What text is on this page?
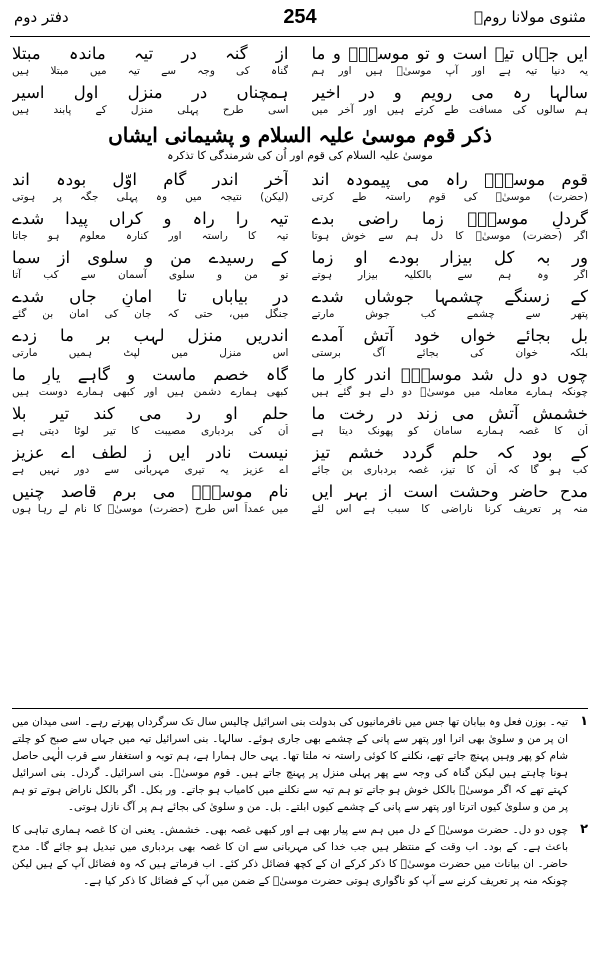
مثنوی مولانا رومؒ
254
دفتر دوم
ایں جہاں تیہ است و تو موسیٰؑ و ما
از گنہ در تیہ ماندہ مبتلا
یہ دنیا تیہ ہے اور آپ موسیٰؑ ہیں اور ہم
گناہ کی وجہ سے تیہ میں مبتلا ہیں
سالہا رہ می رویم و در اخیر
ہمچناں در منزل اول اسیر
ہم سالوں کی مسافت طے کرتے ہیں اور آخر میں
اسی طرح پہلی منزل کے پابند ہیں
ذکر قوم موسیٰ علیہ السلام و پشیمانی ایشاں
موسیٰ علیہ السلام کی قوم اور اُن کی شرمندگی کا تذکرہ
قوم موسیٰؑ راہ می پیمودہ اند
آخر اندر گام اوّل بودہ اند
(حضرت) موسیٰؑ کی قوم راستہ طے کرتی
(لیکن) نتیجہ میں وہ پہلی جگہ پر ہوتی
گردلِ موسیٰؑ زما راضی بدے
تیہ را راہ و کراں پیدا شدے
اگر (حضرت) موسیٰؑ کا دل ہم سے خوش ہوتا
تیہ کا راستہ اور کنارہ معلوم ہو جاتا
ور بہ کل بیزار بودے او زما
کے رسیدے من و سلوی از سما
اگر وہ ہم سے بالکلیہ بیزار ہوتے
تو من و سلوی آسمان سے کب آتا
کے زسنگے چشمہا جوشاں شدے
در بیاباں تا امانِ جاں شدے
پتھر سے چشمے کب جوش مارتے
جنگل میں، حتی کہ جان کی امان بن گئے
بل بجائے خواں خود آتش آمدے
اندریں منزل لہب بر ما زدے
بلکہ خوان کی بجائے آگ برستی
اس منزل میں لپٹ ہمیں مارتی
چوں دو دل شد موسیٰؑ اندر کارِ ما
گاہ خصم ماست و گاہے یارِ ما
چونکہ ہمارے معاملہ میں موسیٰؑ دو دلے ہو گئے ہیں
کبھی ہمارے دشمن ہیں اور کبھی ہمارے دوست ہیں
خشمش آتش می زند در رخت ما
حلم او رد می کند تیر بلا
اُن کا غصہ ہمارے سامان کو پھونک دیتا ہے
اُن کی بردباری مصیبت کا تیر لوٹا دیتی ہے
کے بود کہ حلم گردد خشم تیز
نیست نادر ایں ز لطف اے عزیز
کب ہو گا کہ اُن کا تیز، غصہ بردباری بن جائے
اے عزیز یہ تیری مہربانی سے دور نہیں ہے
مدح حاضر وحشت است از بہر ایں
نام موسیٰؑ می برم قاصد چنیں
منہ پر تعریف کرنا ناراضی کا سبب ہے اس لئے
میں عمداً اس طرح (حضرت) موسیٰؑ کا نام لے رہا ہوں
۱
تیہ۔ بوزن فعل وہ بیابان تھا جس میں نافرمانیوں کی بدولت بنی اسرائیل چالیس سال تک سرگرداں پھرتے رہے۔ اسی میدان میں ان پر من و سلویٰ بھی اترا اور پتھر سے پانی کے چشمے بھی جاری ہوئے۔ سالہا۔ بنی اسرائیل تیہ میں جہاں سے صبح کو چلتے شام کو پھر وہیں پہنچ جاتے تھے، نکلنے کا کوئی راستہ نہ ملتا تھا۔ یہی حال ہمارا ہے، ہم توبہ و استغفار سے قرب الٰہی حاصل ہونا چاہتے ہیں لیکن گناہ کی وجہ سے پھر پہلی منزل پر پہنچ جاتے ہیں۔ قوم موسیٰؑ۔ بنی اسرائیل۔ گردل۔ بنی اسرائیل کہتے تھے کہ اگر موسیٰؑ بالکل خوش ہو جاتے تو ہم تیہ سے نکلنے میں کامیاب ہو جاتے۔ ور بکل۔ اگر بالکل ناراض ہوتے تو ہم پر من و سلویٰ کیوں اترتا اور پتھر سے پانی کے چشمے کیوں ابلتے۔ بل۔ من و سلویٰ کی بجائے ہم پر آگ نازل ہوتی۔
۲
چوں دو دل۔ حضرت موسیٰؑ کے دل میں ہم سے پیار بھی ہے اور کبھی غصہ بھی۔ خشمش۔ یعنی ان کا غصہ ہماری تباہی کا باعث ہے۔ کے بود۔ اب وقت کے منتظر ہیں جب خدا کی مہربانی سے ان کا غصہ بھی بردباری میں تبدیل ہو جائے گا۔ مدح حاضر۔ ان بیانات میں حضرت موسیٰؑ کا ذکر کرکے ان کے کچھ فضائل ذکر کئے۔ اب فرماتے ہیں کہ وہ فضائل آپ کے ہیں لیکن چونکہ منہ پر تعریف کرنے سے آپ کو ناگواری ہوتی حضرت موسیٰؑ کے ضمن میں آپ کے فضائل کا ذکر کیا ہے۔
